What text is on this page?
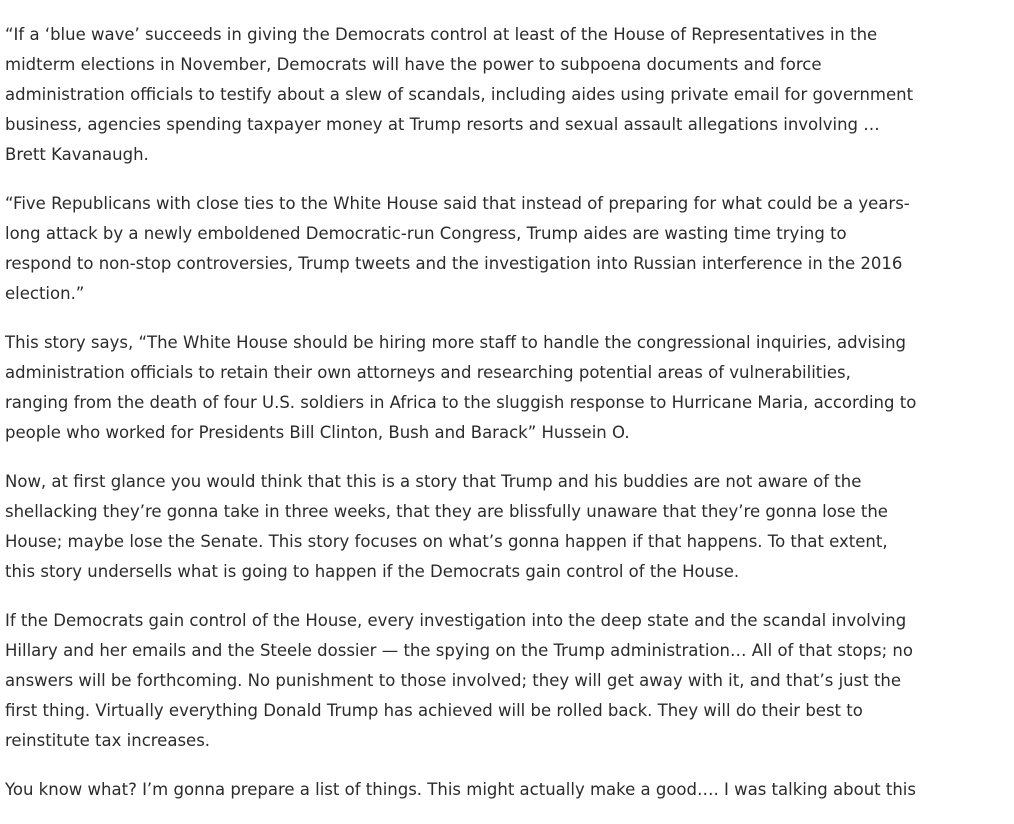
“If a ‘blue wave’ succeeds in giving the Democrats control at least of the House of Representatives in the midterm elections in November, Democrats will have the power to subpoena documents and force administration officials to testify about a slew of scandals, including aides using private email for government business, agencies spending taxpayer money at Trump resorts and sexual assault allegations involving … Brett Kavanaugh.

“Five Republicans with close ties to the White House said that instead of preparing for what could be a years-long attack by a newly emboldened Democratic-run Congress, Trump aides are wasting time trying to respond to non-stop controversies, Trump tweets and the investigation into Russian interference in the 2016 election.”

This story says, “The White House should be hiring more staff to handle the congressional inquiries, advising administration officials to retain their own attorneys and researching potential areas of vulnerabilities, ranging from the death of four U.S. soldiers in Africa to the sluggish response to Hurricane Maria, according to people who worked for Presidents Bill Clinton, Bush and Barack” Hussein O.

Now, at first glance you would think that this is a story that Trump and his buddies are not aware of the shellacking they’re gonna take in three weeks, that they are blissfully unaware that they’re gonna lose the House; maybe lose the Senate. This story focuses on what’s gonna happen if that happens. To that extent, this story undersells what is going to happen if the Democrats gain control of the House.

If the Democrats gain control of the House, every investigation into the deep state and the scandal involving Hillary and her emails and the Steele dossier — the spying on the Trump administration… All of that stops; no answers will be forthcoming. No punishment to those involved; they will get away with it, and that’s just the first thing. Virtually everything Donald Trump has achieved will be rolled back. They will do their best to reinstitute tax increases.

You know what? I’m gonna prepare a list of things. This might actually make a good…. I was talking about this
